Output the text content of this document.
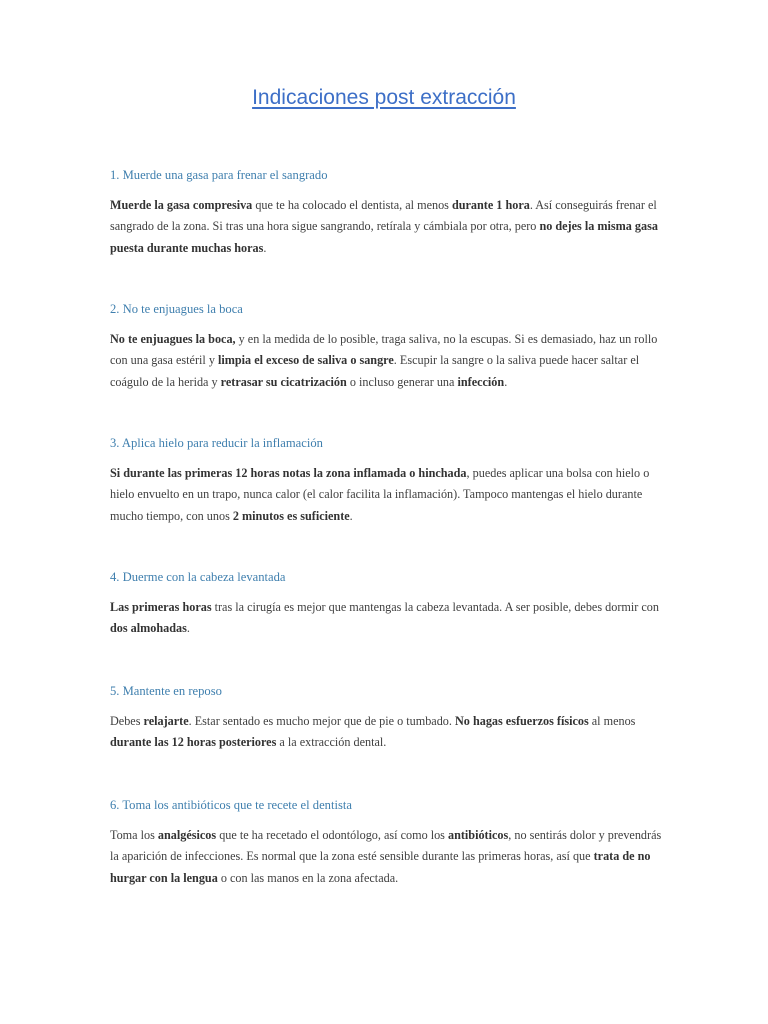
Indicaciones post extracción
1. Muerde una gasa para frenar el sangrado

Muerde la gasa compresiva que te ha colocado el dentista, al menos durante 1 hora. Así conseguirás frenar el sangrado de la zona. Si tras una hora sigue sangrando, retírala y cámbiala por otra, pero no dejes la misma gasa puesta durante muchas horas.

2. No te enjuagues la boca

No te enjuagues la boca, y en la medida de lo posible, traga saliva, no la escupas. Si es demasiado, haz un rollo con una gasa estéril y limpia el exceso de saliva o sangre. Escupir la sangre o la saliva puede hacer saltar el coágulo de la herida y retrasar su cicatrización o incluso generar una infección.

3. Aplica hielo para reducir la inflamación

Si durante las primeras 12 horas notas la zona inflamada o hinchada, puedes aplicar una bolsa con hielo o hielo envuelto en un trapo, nunca calor (el calor facilita la inflamación). Tampoco mantengas el hielo durante mucho tiempo, con unos 2 minutos es suficiente.

4. Duerme con la cabeza levantada

Las primeras horas tras la cirugía es mejor que mantengas la cabeza levantada. A ser posible, debes dormir con dos almohadas.

5. Mantente en reposo

Debes relajarte. Estar sentado es mucho mejor que de pie o tumbado. No hagas esfuerzos físicos al menos durante las 12 horas posteriores a la extracción dental.

6. Toma los antibióticos que te recete el dentista

Toma los analgésicos que te ha recetado el odontólogo, así como los antibióticos, no sentirás dolor y prevendrás la aparición de infecciones. Es normal que la zona esté sensible durante las primeras horas, así que trata de no hurgar con la lengua o con las manos en la zona afectada.
